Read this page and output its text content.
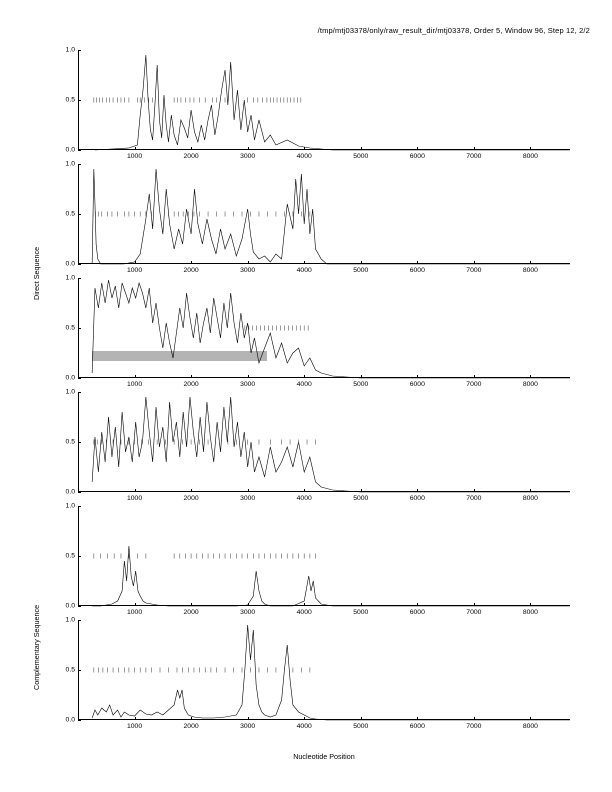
/tmp/mtj03378/only/raw_result_dir/mtj03378, Order 5, Window 96, Step 12, 2/2
Direct Sequence
Complementary Sequence
1000	2000	3000	4000	5000	6000	7000	8000
0.0
0.5
1.0
1000	2000	3000	4000	5000	6000	7000	8000
0.0
0.5
1.0
1000	2000	3000	4000	5000	6000	7000	8000
0.0
0.5
1.0
1000	2000	3000	4000	5000	6000	7000	8000
0.0
0.5
1.0
1000	2000	3000	4000	5000	6000	7000	8000
0.0
0.5
1.0
1000	2000	3000	4000	5000	6000	7000	8000
0.0
0.5
1.0
Nucleotide Position
